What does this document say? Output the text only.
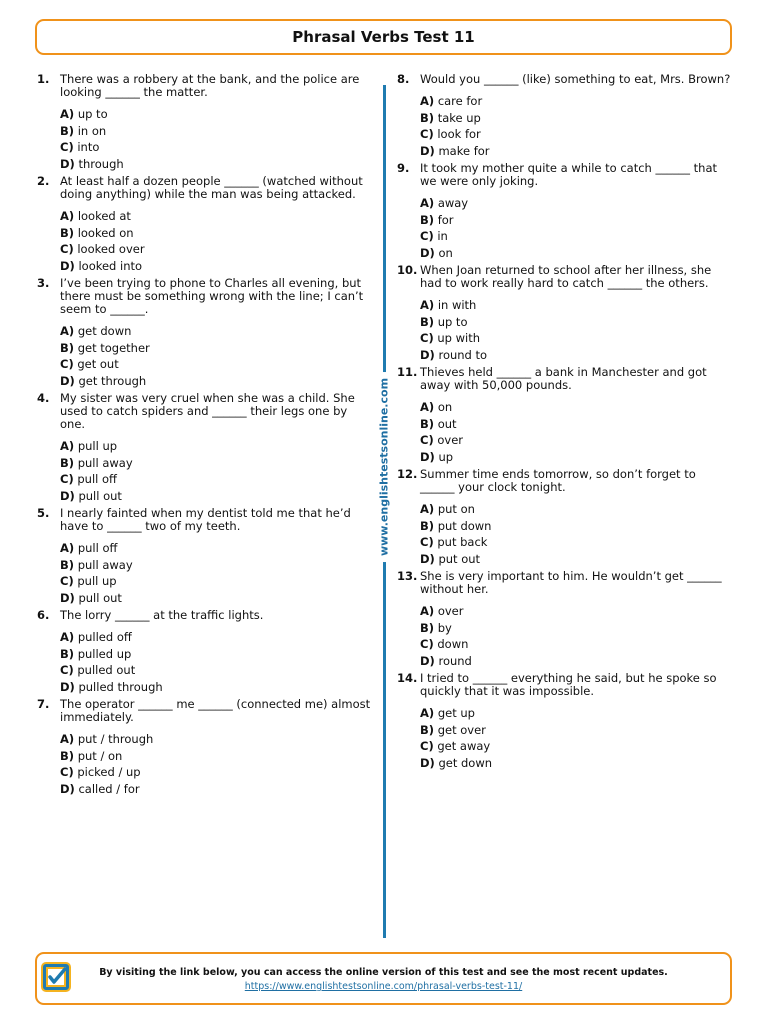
Phrasal Verbs Test 11
1. There was a robbery at the bank, and the police are
looking ______ the matter.
A) up to
B) in on
C) into
D) through
2. At least half a dozen people ______ (watched without
doing anything) while the man was being attacked.
A) looked at
B) looked on
C) looked over
D) looked into
3. I’ve been trying to phone to Charles all evening, but
there must be something wrong with the line; I can’t
seem to ______.
A) get down
B) get together
C) get out
D) get through
4. My sister was very cruel when she was a child. She
used to catch spiders and ______ their legs one by
one.
A) pull up
B) pull away
C) pull off
D) pull out
5. I nearly fainted when my dentist told me that he’d
have to ______ two of my teeth.
A) pull off
B) pull away
C) pull up
D) pull out
6. The lorry ______ at the traffic lights.
A) pulled off
B) pulled up
C) pulled out
D) pulled through
7. The operator ______ me ______ (connected me) almost
immediately.
A) put / through
B) put / on
C) picked / up
D) called / for
8. Would you ______ (like) something to eat, Mrs. Brown?

A) care for
B) take up
C) look for
D) make for
9. It took my mother quite a while to catch ______ that
we were only joking.
A) away
B) for
C) in
D) on
10. When Joan returned to school after her illness, she
had to work really hard to catch ______ the others.
A) in with
B) up to
C) up with
D) round to
11. Thieves held ______ a bank in Manchester and got
away with 50,000 pounds.
A) on
B) out
C) over
D) up
12. Summer time ends tomorrow, so don’t forget to
______ your clock tonight.
A) put on
B) put down
C) put back
D) put out
13. She is very important to him. He wouldn’t get ______
without her.
A) over
B) by
C) down
D) round
14. I tried to ______ everything he said, but he spoke so
quickly that it was impossible.
A) get up
B) get over
C) get away
D) get down
www.englishtestsonline.com
By visiting the link below, you can access the online version of this test and see the most recent updates.
https://www.englishtestsonline.com/phrasal-verbs-test-11/
